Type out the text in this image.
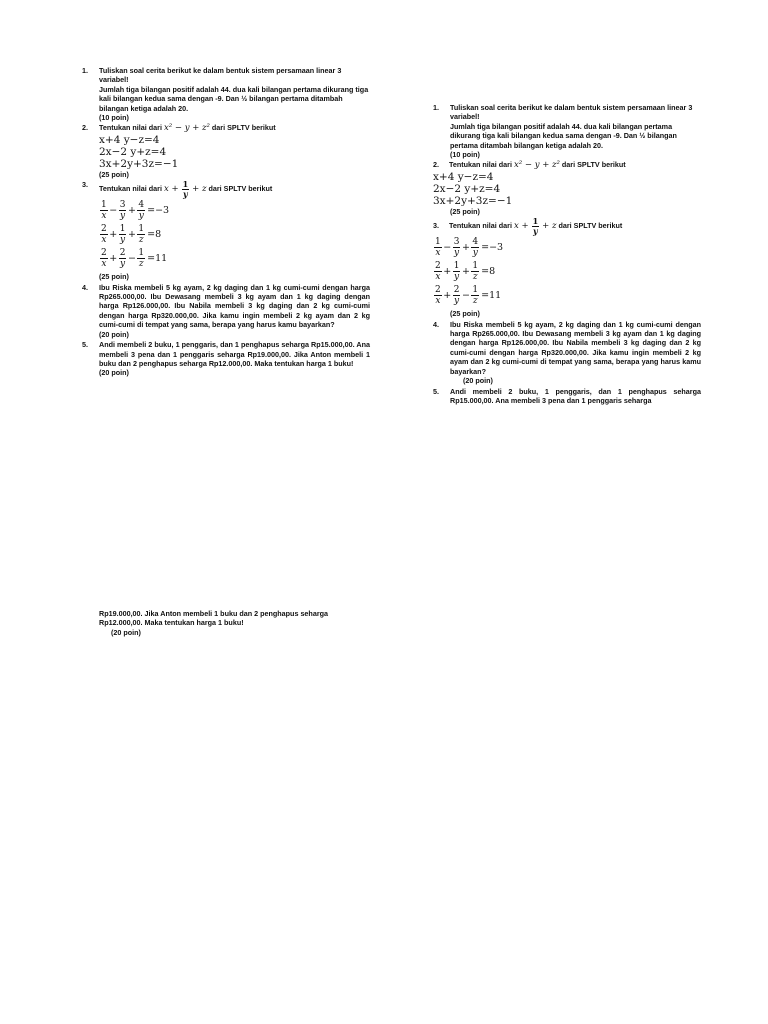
1. Tuliskan soal cerita berikut ke dalam bentuk sistem persamaan linear 3 variabel!
Jumlah tiga bilangan positif adalah 44. dua kali bilangan pertama dikurang tiga kali bilangan kedua sama dengan -9. Dan ½ bilangan pertama ditambah bilangan ketiga adalah 20.
(10 poin)
2. Tentukan nilai dari x² − y + z² dari SPLTV berikut
x+4 y−z=4
2x−2 y+z=4
3x+2y+3z=−1
(25 poin)
3. Tentukan nilai dari $x + \frac{1}{y} + z$ dari SPLTV berikut
$\frac{1}{x} - \frac{3}{y} + \frac{4}{y} =-3$
$\frac{2}{x} + \frac{1}{y} + \frac{1}{z} =8$
$\frac{2}{x} + \frac{2}{y} - \frac{1}{z} =11$
(25 poin)
4. Ibu Riska membeli 5 kg ayam, 2 kg daging dan 1 kg cumi-cumi dengan harga Rp265.000,00. Ibu Dewasang membeli 3 kg ayam dan 1 kg daging dengan harga Rp126.000,00. Ibu Nabila membeli 3 kg daging dan 2 kg cumi-cumi dengan harga Rp320.000,00. Jika kamu ingin membeli 2 kg ayam dan 2 kg cumi-cumi di tempat yang sama, berapa yang harus kamu bayarkan?
(20 poin)
5. Andi membeli 2 buku, 1 penggaris, dan 1 penghapus seharga Rp15.000,00. Ana membeli 3 pena dan 1 penggaris seharga Rp19.000,00. Jika Anton membeli 1 buku dan 2 penghapus seharga Rp12.000,00. Maka tentukan harga 1 buku!
(20 poin)
1. Tuliskan soal cerita berikut ke dalam bentuk sistem persamaan linear 3 variabel!
Jumlah tiga bilangan positif adalah 44. dua kali bilangan pertama dikurang tiga kali bilangan kedua sama dengan -9. Dan ½ bilangan pertama ditambah bilangan ketiga adalah 20.
(10 poin)
2. Tentukan nilai dari x² − y + z² dari SPLTV berikut
x+4 y−z=4
2x−2 y+z=4
3x+2y+3z=−1
(25 poin)
3. Tentukan nilai dari $x + \frac{1}{y} + z$ dari SPLTV berikut
$\frac{1}{x} - \frac{3}{y} + \frac{4}{y} =-3$
$\frac{2}{x} + \frac{1}{y} + \frac{1}{z} =8$
$\frac{2}{x} + \frac{2}{y} - \frac{1}{z} =11$
(25 poin)
4. Ibu Riska membeli 5 kg ayam, 2 kg daging dan 1 kg cumi-cumi dengan harga Rp265.000,00. Ibu Dewasang membeli 3 kg ayam dan 1 kg daging dengan harga Rp126.000,00. Ibu Nabila membeli 3 kg daging dan 2 kg cumi-cumi dengan harga Rp320.000,00. Jika kamu ingin membeli 2 kg ayam dan 2 kg cumi-cumi di tempat yang sama, berapa yang harus kamu bayarkan?
(20 poin)
5. Andi membeli 2 buku, 1 penggaris, dan 1 penghapus seharga Rp15.000,00. Ana membeli 3 pena dan 1 penggaris seharga
Rp19.000,00. Jika Anton membeli 1 buku dan 2 penghapus seharga Rp12.000,00. Maka tentukan harga 1 buku!
(20 poin)
